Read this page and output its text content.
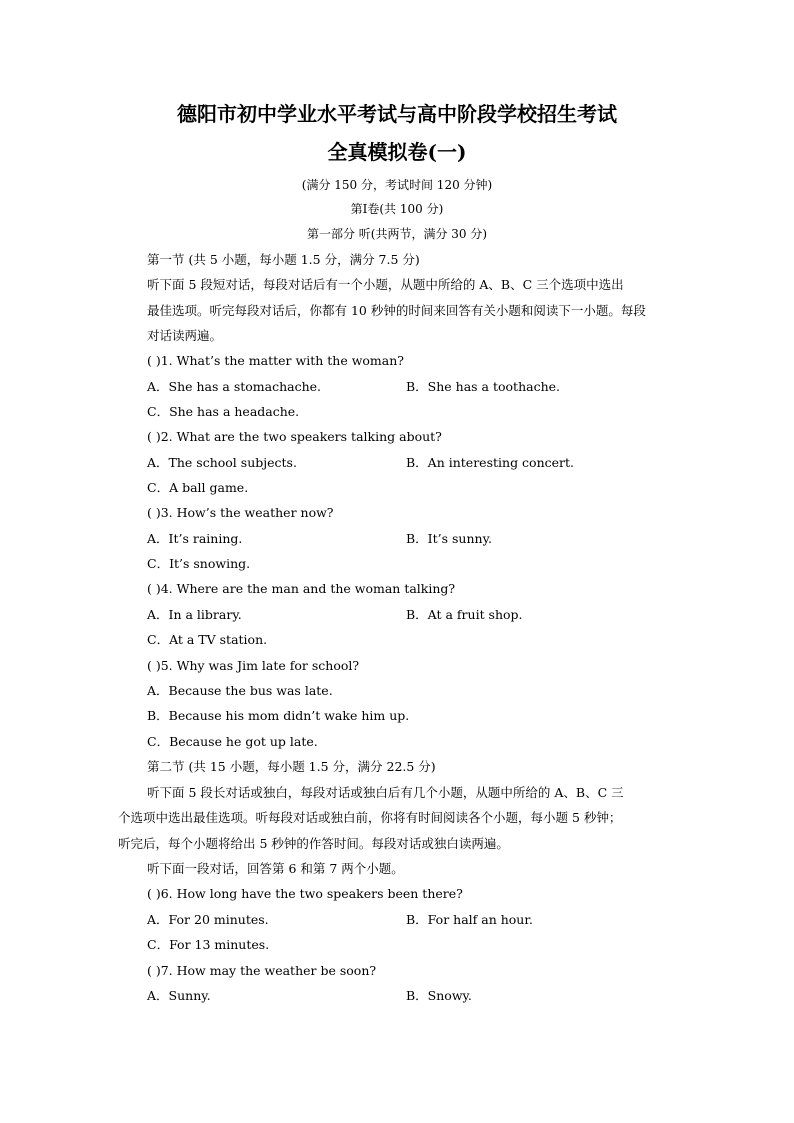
德阳市初中学业水平考试与高中阶段学校招生考试
全真模拟卷(一)
(满分 150 分，考试时间 120 分钟)
第Ⅰ卷(共 100 分)
第一部分 听(共两节，满分 30 分)
第一节 (共 5 小题，每小题 1.5 分，满分 7.5 分)
听下面 5 段短对话，每段对话后有一个小题，从题中所给的 A、B、C 三个选项中选出
最佳选项。听完每段对话后，你都有 10 秒钟的时间来回答有关小题和阅读下一小题。每段
对话读两遍。
( )1. What’s the matter with the woman?
A．She has a stomachache.	B．She has a toothache.
C．She has a headache.
( )2. What are the two speakers talking about?
A．The school subjects.	B．An interesting concert.
C．A ball game.
( )3. How’s the weather now?
A．It’s raining.	B．It’s sunny.
C．It’s snowing.
( )4. Where are the man and the woman talking?
A．In a library.	B．At a fruit shop.
C．At a TV station.
( )5. Why was Jim late for school?
A．Because the bus was late.
B．Because his mom didn’t wake him up.
C．Because he got up late.
第二节 (共 15 小题，每小题 1.5 分，满分 22.5 分)
听下面 5 段长对话或独白，每段对话或独白后有几个小题，从题中所给的 A、B、C 三
个选项中选出最佳选项。听每段对话或独白前，你将有时间阅读各个小题，每小题 5 秒钟；
听完后，每个小题将给出 5 秒钟的作答时间。每段对话或独白读两遍。
听下面一段对话，回答第 6 和第 7 两个小题。
( )6. How long have the two speakers been there?
A．For 20 minutes.	B．For half an hour.
C．For 13 minutes.
( )7. How may the weather be soon?
A．Sunny.	B．Snowy.
